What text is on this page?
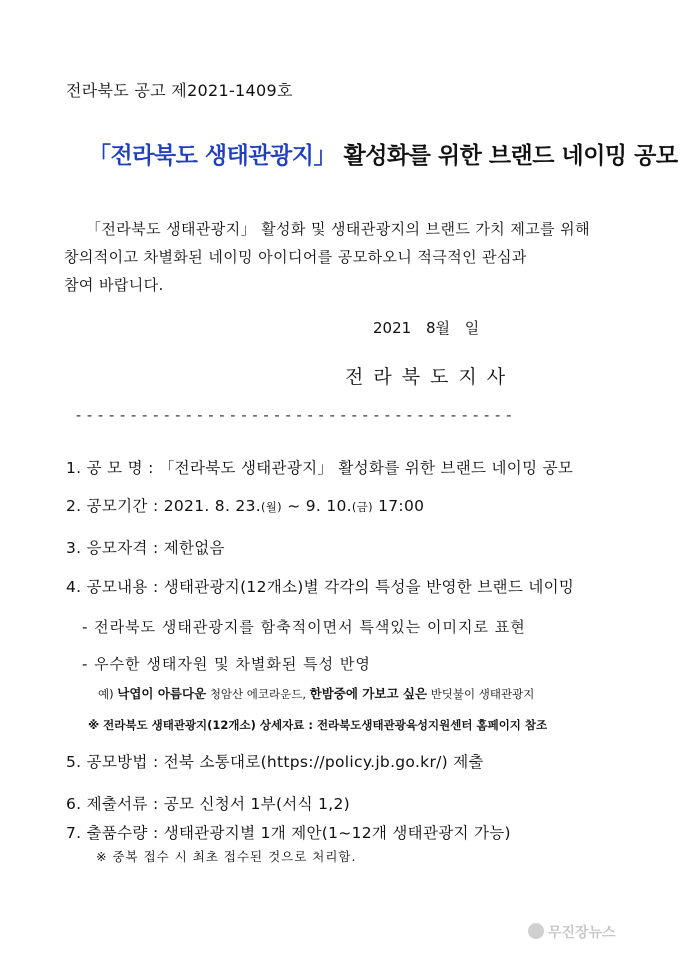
전라북도 공고 제2021-1409호
「전라북도 생태관광지」 활성화를 위한 브랜드 네이밍 공모

「전라북도 생태관광지」 활성화 및 생태관광지의 브랜드 가치 제고를 위해

창의적이고 차별화된 네이밍 아이디어를 공모하오니 적극적인 관심과

참여 바랍니다.

2021 8월 일
전라북도지사
----------------------------------------
1. 공 모 명 : 「전라북도 생태관광지」 활성화를 위한 브랜드 네이밍 공모
2. 공모기간 : 2021. 8. 23.(월) ~ 9. 10.(금) 17:00
3. 응모자격 : 제한없음
4. 공모내용 : 생태관광지(12개소)별 각각의 특성을 반영한 브랜드 네이밍
- 전라북도 생태관광지를 함축적이면서 특색있는 이미지로 표현
- 우수한 생태자원 및 차별화된 특성 반영
예) 낙엽이 아름다운 청암산 에코라운드, 한밤중에 가보고 싶은 반딧불이 생태관광지
※ 전라북도 생태관광지(12개소) 상세자료 : 전라북도생태관광육성지원센터 홈페이지 참조
5. 공모방법 : 전북 소통대로(https://policy.jb.go.kr/) 제출
6. 제출서류 : 공모 신청서 1부(서식 1,2)
7. 출품수량 : 생태관광지별 1개 제안(1~12개 생태관광지 가능)
※ 중복 접수 시 최초 접수된 것으로 처리함.
무진장뉴스
